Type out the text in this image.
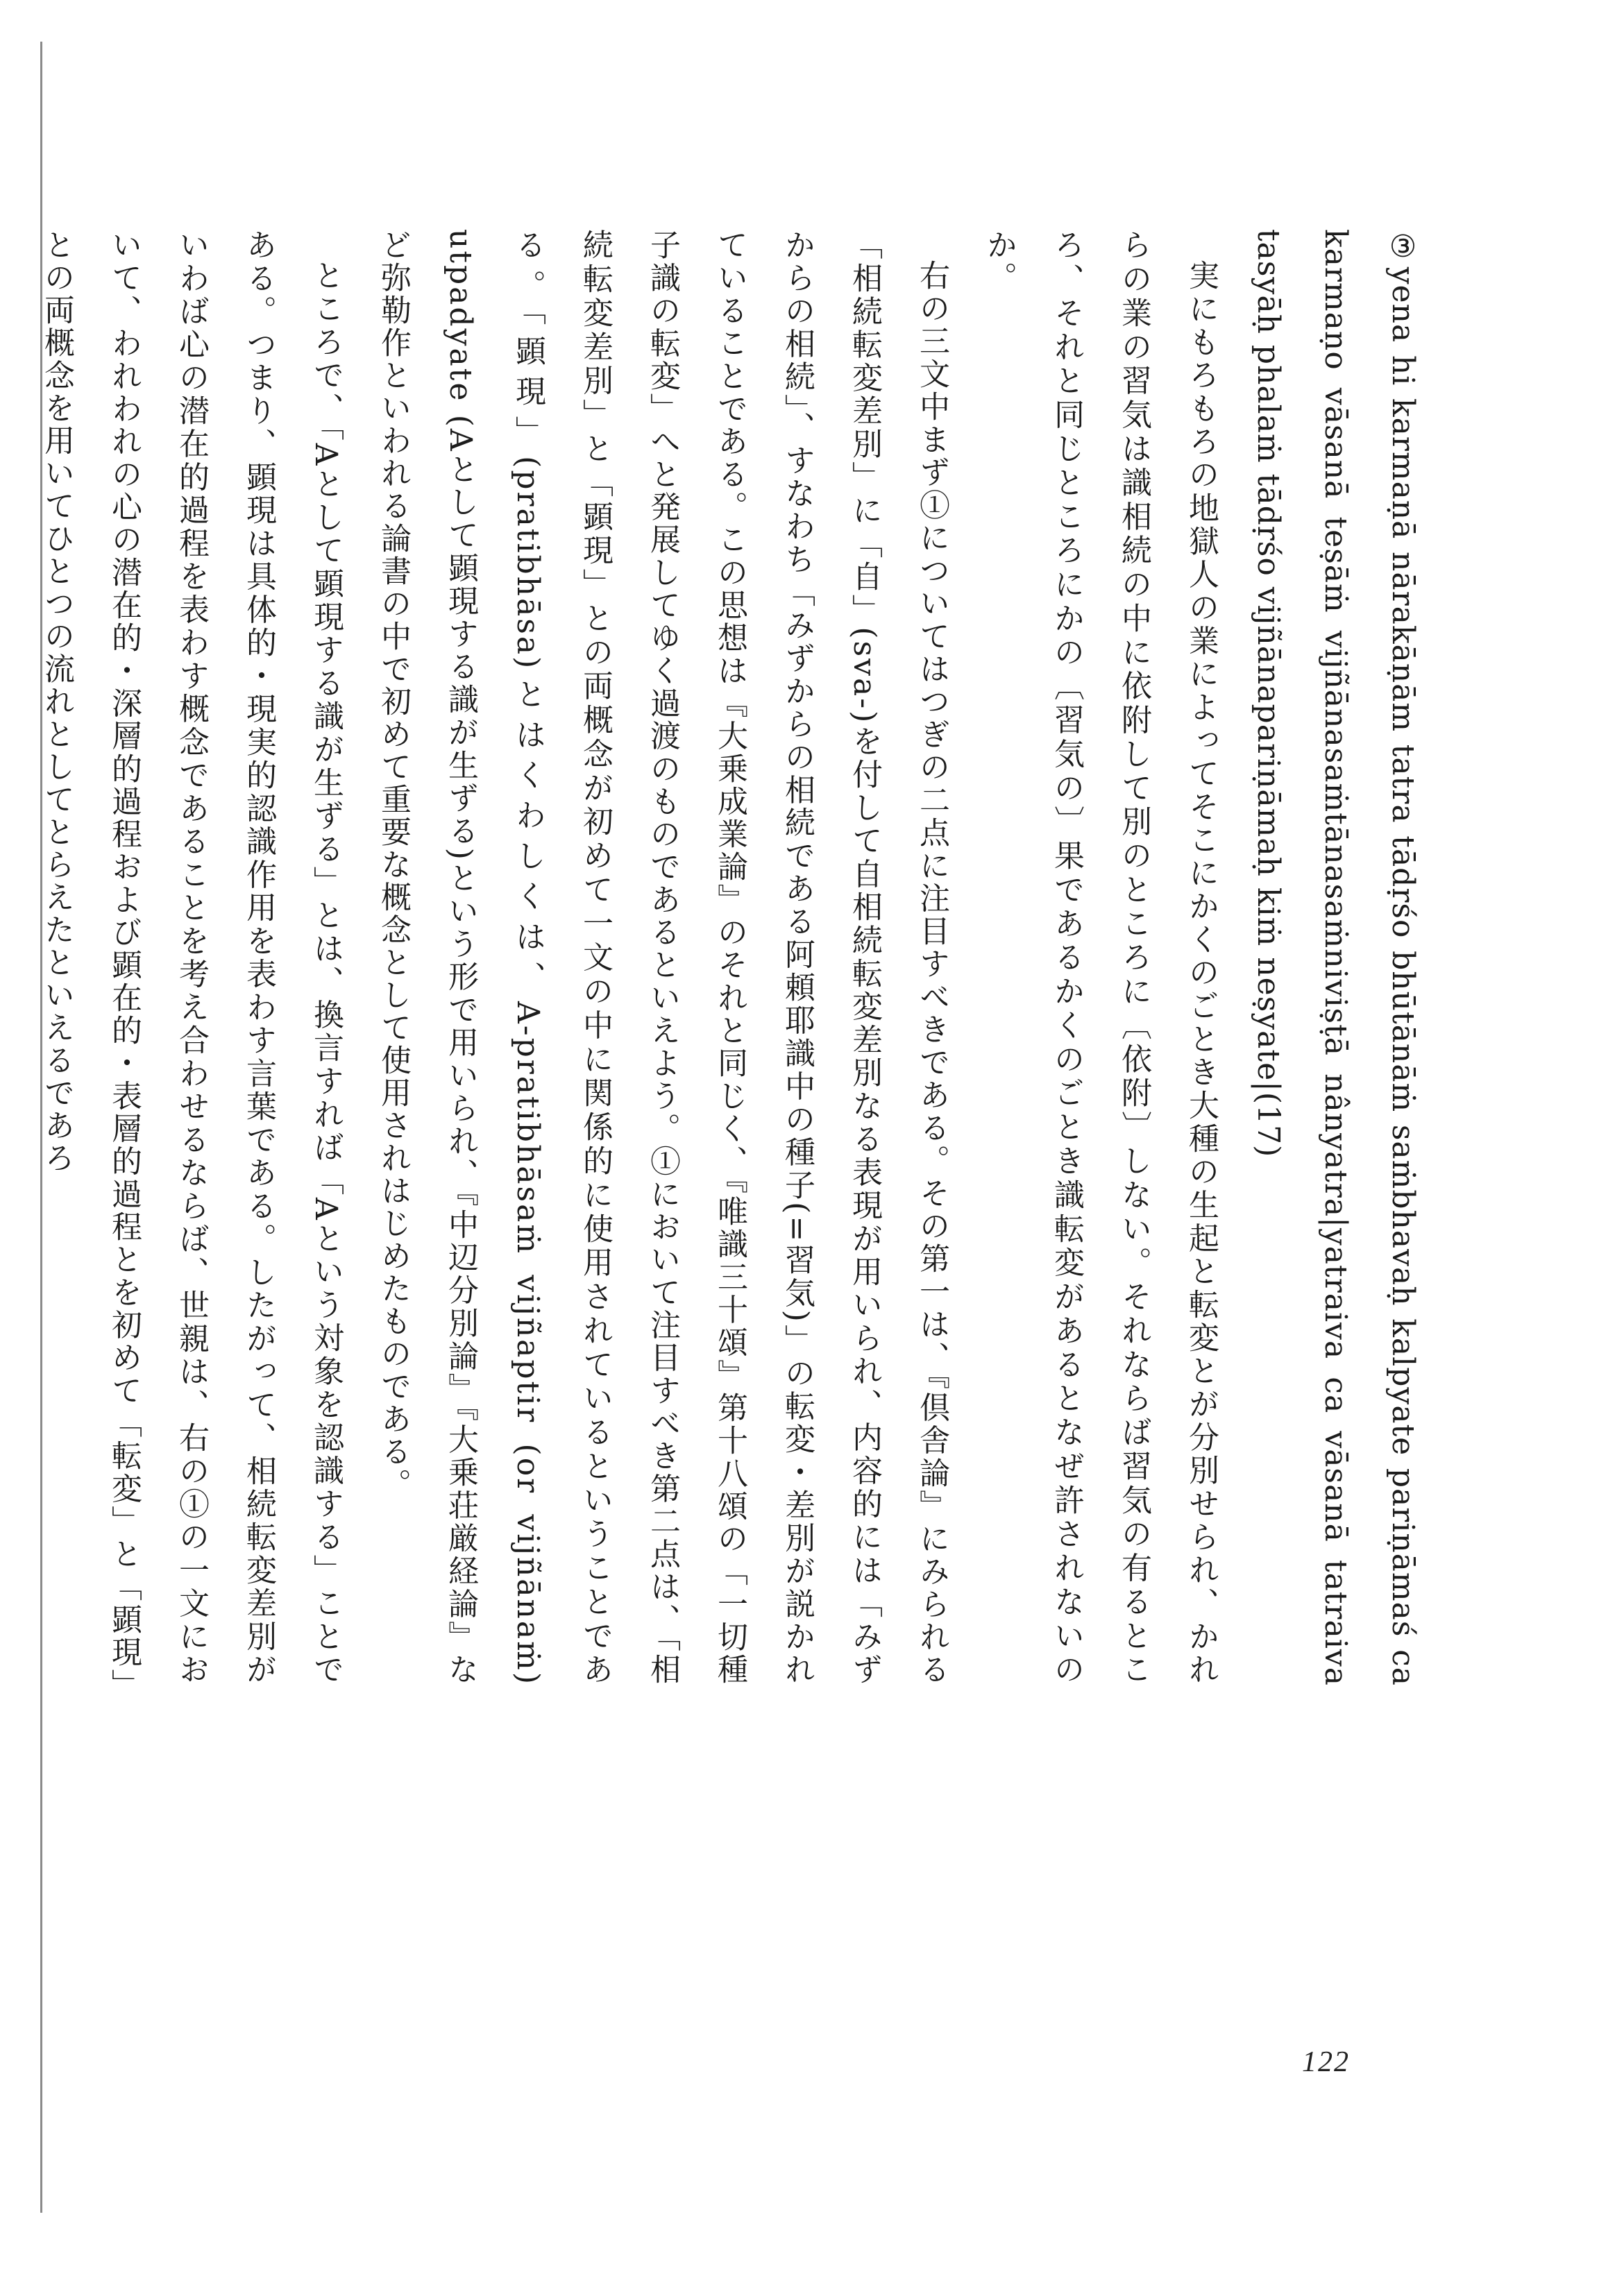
③yena hi karmaṇā nārakāṇām tatra tādṛśo bhūtānāṁ saṁbhavaḥ kalpyate pariṇāmaś ca karmaṇo vāsanā teṣāṁ vijñānasaṁtānasaṁniviṣṭā nânyatra|yatraiva ca vāsanā tatraiva tasyāḥ phalaṁ tādṛśo vijñānapariṇāmaḥ kiṁ neṣyate|(17)

実にもろもろの地獄人の業によってそこにかくのごとき大種の生起と転変とが分別せられ、かれらの業の習気は識相続の中に依附して別のところに〔依附〕しない。それならば習気の有るところ、それと同じところにかの〔習気の〕果であるかくのごとき識転変があるとなぜ許されないのか。

右の三文中まず①についてはつぎの二点に注目すべきである。その第一は、『倶舎論』にみられる「相続転変差別」に「自」(sva-)を付して自相続転変差別なる表現が用いられ、内容的には「みずからの相続」、すなわち「みずからの相続である阿頼耶識中の種子(=習気)」の転変・差別が説かれていることである。この思想は『大乗成業論』のそれと同じく、『唯識三十頌』第十八頌の「一切種子識の転変」へと発展してゆく過渡のものであるといえよう。①において注目すべき第二点は、「相続転変差別」と「顕現」との両概念が初めて一文の中に関係的に使用されているということである。「顕現」(pratibhāsa)とはくわしくは、A-pratibhāsaṁ vijñaptir (or vijñānaṁ) utpadyate (Aとして顕現する識が生ずる)という形で用いられ、『中辺分別論』『大乗荘厳経論』など弥勒作といわれる論書の中で初めて重要な概念として使用されはじめたものである。

ところで、「Aとして顕現する識が生ずる」とは、換言すれば「Aという対象を認識する」ことである。つまり、顕現は具体的・現実的認識作用を表わす言葉である。したがって、相続転変差別がいわば心の潜在的過程を表わす概念であることを考え合わせるならば、世親は、右の①の一文において、われわれの心の潜在的・深層的過程および顕在的・表層的過程とを初めて「転変」と「顕現」との両概念を用いてひとつの流れとしてとらえたといえるであろ

122
